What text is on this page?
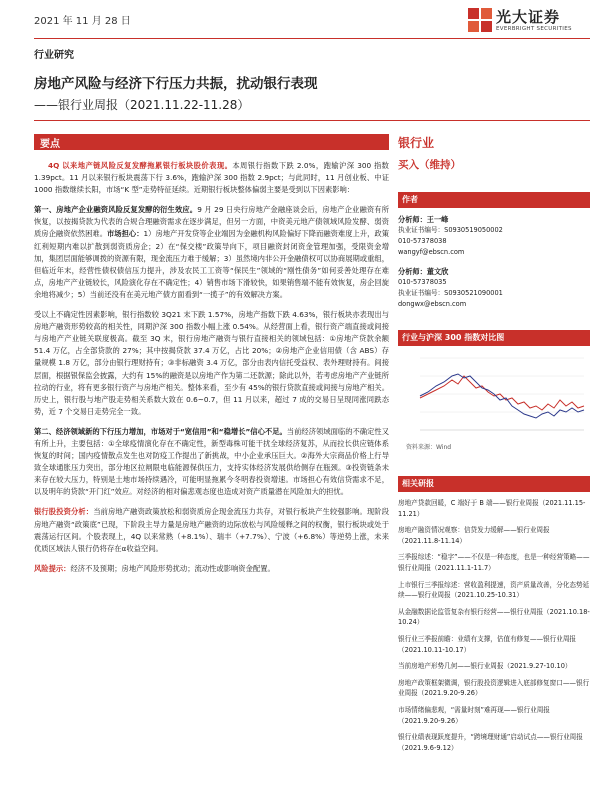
2021 年 11 月 28 日	光大证券
EVERBRIGHT SECURITIES
行业研究
房地产风险与经济下行压力共振，扰动银行表现
——银行业周报（2021.11.22-11.28）
要点

4Q 以来地产链风险反复发酵拖累银行板块股价表现。本周银行指数下跌 2.0%，跑输沪深 300 指数 1.39pct。11 月以来银行板块震荡下行 3.6%，跑输沪深 300 指数 2.9pct；与此同时，11 月创业板、中证 1000 指数继续长阳，市场“K 型”走势特征延续。近期银行板块整体偏弱主要是受到以下因素影响：

第一、房地产企业融资风险反复发酵的衍生效应。9 月 29 日央行房地产金融座谈会后，房地产企业融资有所恢复，以按揭贷款为代表的合规合理融资需求在逐步满足，但另一方面，中资美元地产债领域风险发酵、弱资质房企融资依然困难。市场担心：1）房地产开发贷等企业端因为金融机构风险偏好下降而融资难度上升，政策红利短期内难以扩散到弱资质房企；2）在“保交楼”政策导向下，项目融资封闭资金管理加强，受限资金增加，集团层面能够调拨的资源有限，现金流压力难于缓解；3）虽然境内非公开金融债权可以协商展期或重组，但临近年末，经营性债权债信压力提升，涉及农民工工资等“保民生”领域的“刚性债务”如何妥善处理存在难点，房地产产业链较长，风险演化存在不确定性；4）销售市场下滑较快，如果销售端不能有效恢复，房企回旋余地将减少；5）当前还没有在美元地产债方面看到“一揽子”的有效解决方案。

受以上不确定性因素影响，银行指数较 3Q21 末下跌 1.57%，房地产指数下跌 4.63%，银行板块亦表现出与房地产融资形势较高的相关性，同期沪深 300 指数小幅上涨 0.54%。从经营面上看，银行资产端直接或间接与房地产产业链关联度极高。截至 3Q 末，银行房地产融资与银行直接相关的领域包括：①房地产贷款余额 51.4 万亿，占全部贷款的 27%；其中按揭贷款 37.4 万亿，占比 20%；②房地产企业信用债（含 ABS）存量规模 1.8 万亿，部分由银行理财持有；③非标融资 3.4 万亿，部分由表内信托受益权、表外理财持有。间接层面，根据银保监会披露，大约有 15%的融资是以房地产作为第二还款源；除此以外，若考虑房地产产业链所拉动的行业，将有更多银行资产与房地产相关。整体来看，至少有 45%的银行贷款直接或间接与房地产相关。历史上，银行股与地产股走势相关系数大致在 0.6~0.7，但 11 月以来，超过 7 成的交易日呈现同涨同跌态势，近 7 个交易日走势完全一致。

第二、经济领域新的下行压力增加，市场对于“宽信用”和“稳增长”信心不足。当前经济领域面临的不确定性又有所上升，主要包括：①全球疫情演化存在不确定性，新型毒株可能干扰全球经济复苏，从而拉长供应链体系恢复的时间；国内疫情散点发生也对防疫工作提出了新挑战，中小企业承压巨大。②海外大宗商品价格上行导致全球通胀压力突出，部分地区拉闸限电临能源保供压力，支持实体经济发展供给侧存在瓶颈。③投资链条未来存在较大压力，特别是土地市场持续遇冷，可能明显拖累今冬明春投资增速。市场担心有效信贷需求不足，以及明年的贷款“开门红”效应。对经济的相对偏悲观态度也造成对资产质量潜在风险加大的担忧。

银行股投资分析：当前房地产融资政策放松和弱资质房企现金流压力共存，对银行板块产生较强影响。现阶段房地产融资“政策底”已现，下阶段主导力量是房地产融资的边际放松与风险缓释之间的权衡，银行板块或处于震荡运行区间。个股表现上，4Q 以来常熟（+8.1%）、瑞丰（+7.7%）、宁波（+6.8%）等逆势上涨，未来优质区域法人银行仍将存在α收益空间。

风险提示：经济不及预期；房地产风险形势扰动；流动性或影响资金配置。

银行业
买入（维持）
作者
分析师：王一峰
执业证书编号：S0930519050002
010-57378038
wangyf@ebscn.com
分析师：董文欣
010-57378035
执业证书编号：S0930521090001
dongwx@ebscn.com
行业与沪深 300 指数对比图
资料来源：Wind
相关研报
房地产贷款回暖，C 端好于 B 端——银行业周报（2021.11.15-11.21）
房地产融资情况观察：信贷发力缓解——银行业周报（2021.11.8-11.14）
三季报综述：“稳字”——不仅是一种态度，也是一种经营策略——银行业周报（2021.11.1-11.7）
上市银行三季报综述：营收盈利提速，资产质量改善，分化态势延续——银行业周报（2021.10.25-10.31）
从金融数据论监管复杂有银行经营——银行业周报（2021.10.18-10.24）
银行业三季报前瞻：业绩有支撑，估值有修复——银行业周报（2021.10.11-10.17）
当前房地产形势几何——银行业周报（2021.9.27-10.10）
房地产政策框架微调，银行股投资逻辑进入底部修复窗口——银行业周报（2021.9.20-9.26）
市场情绪偏悲观，“需量时刻”难再现——银行业周报（2021.9.20-9.26）
银行业绩表现跃度提升，“跨境理财通”启动试点——银行业周报（2021.9.6-9.12）
